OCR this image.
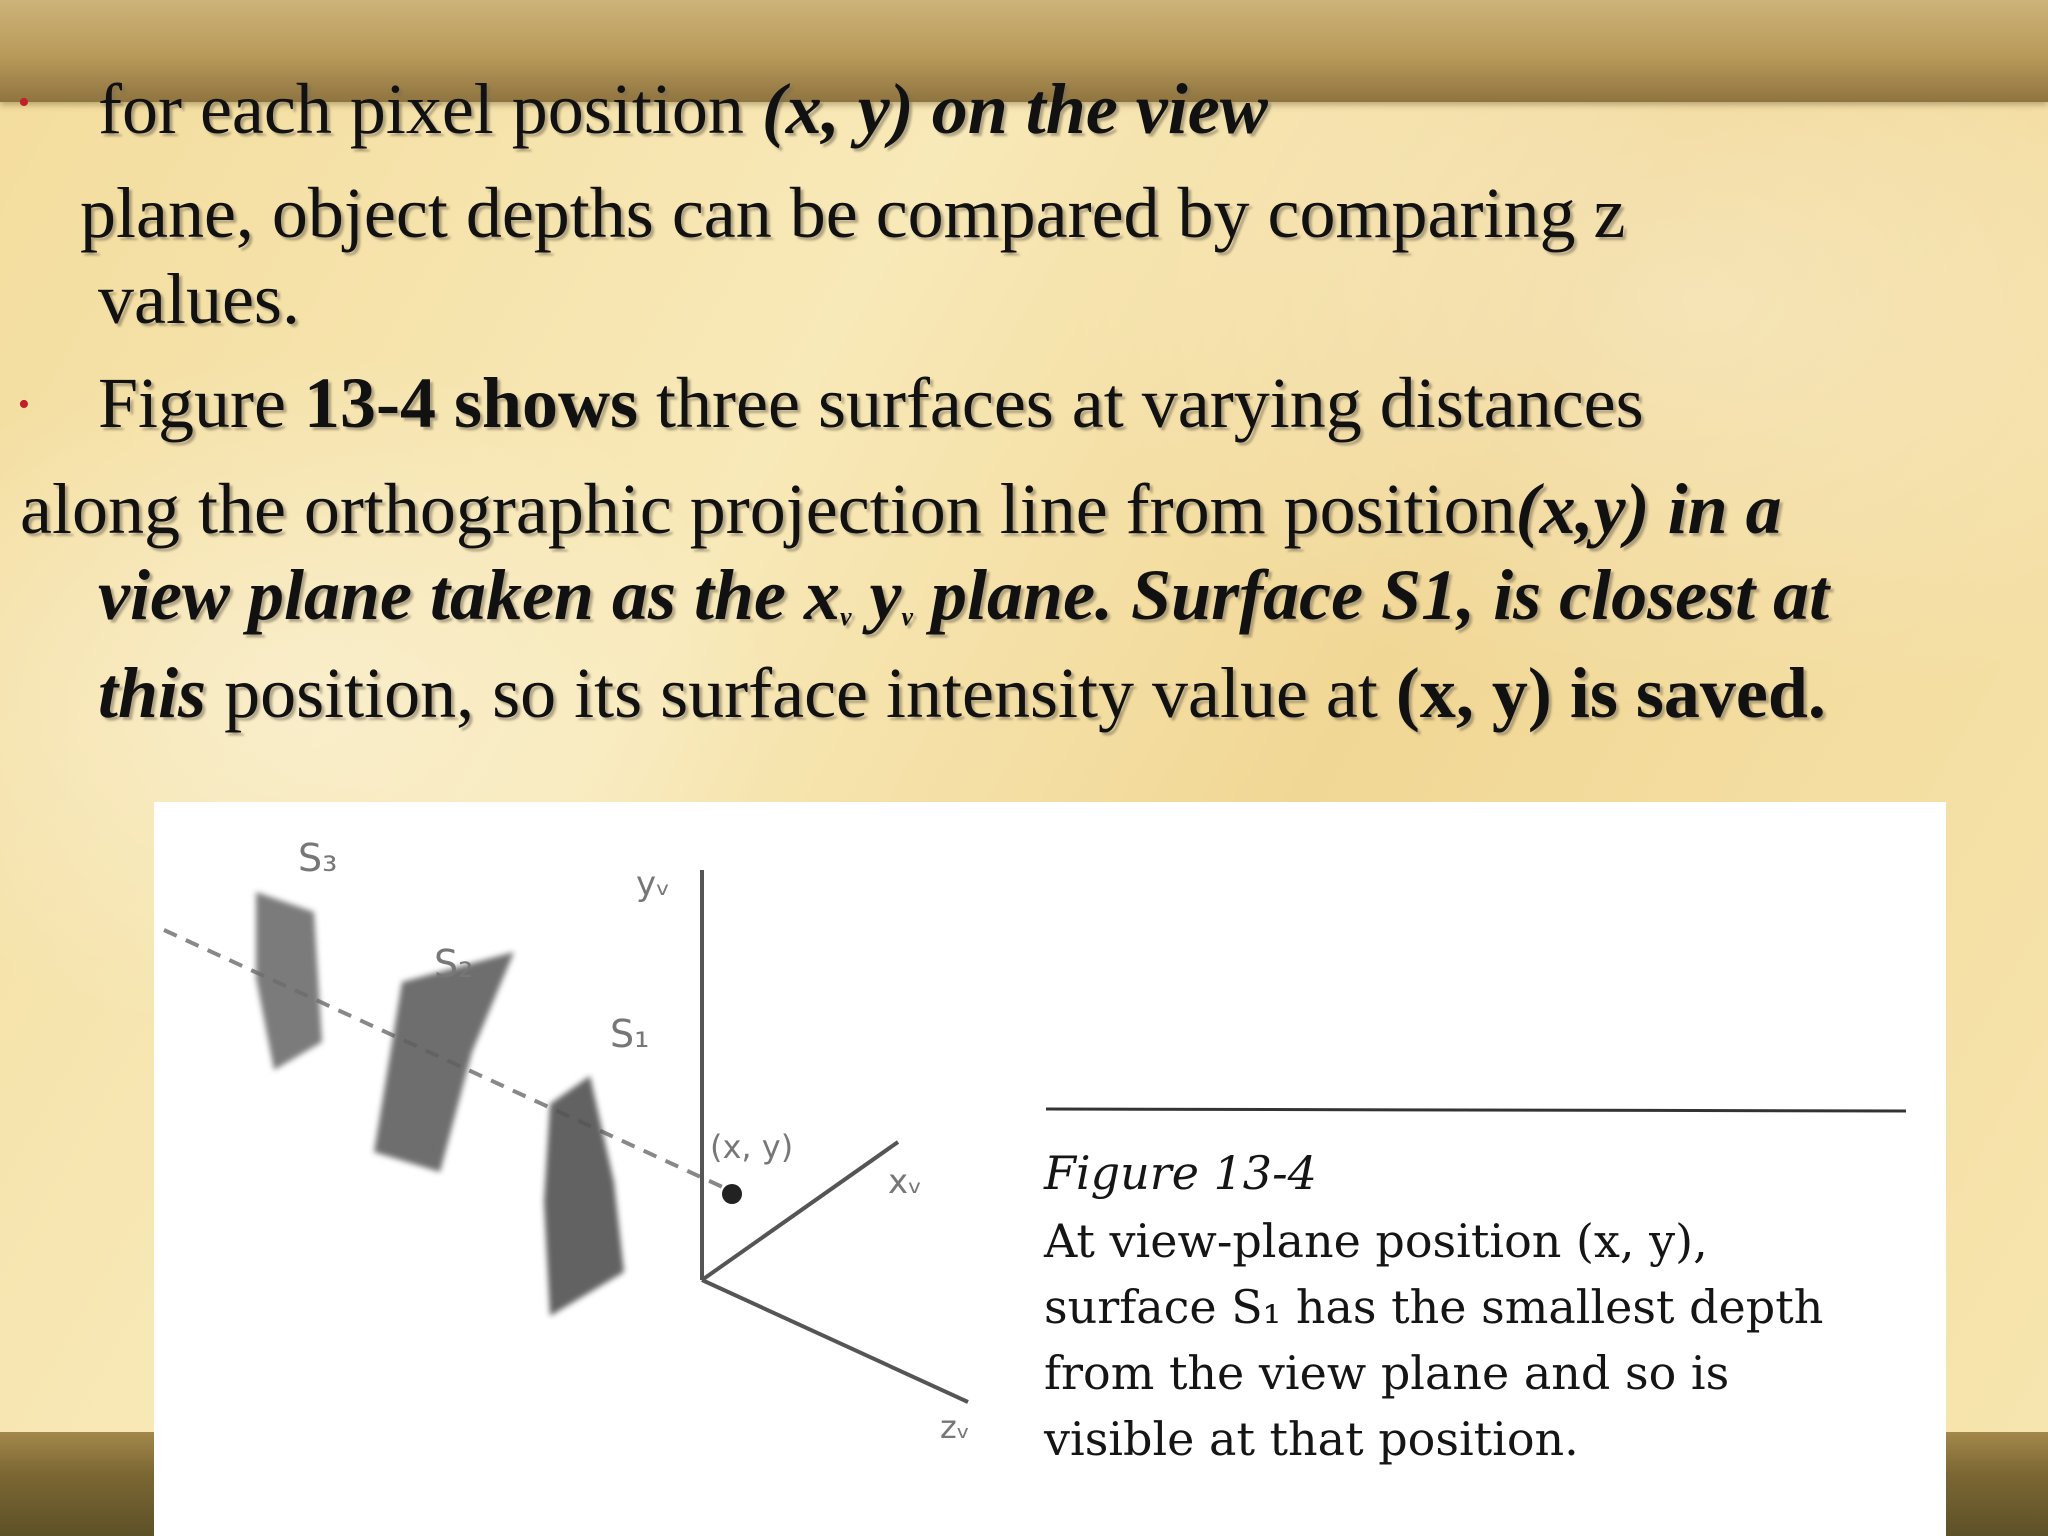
• for each pixel position (x, y) on the view
plane, object depths can be compared by comparing z
values.
• Figure 13-4 shows three surfaces at varying distances
along the orthographic projection line from position(x,y) in a
view plane taken as the $x_v$ $y_v$ plane. Surface S1, is closest at
this position, so its surface intensity value at (x, y) is saved.
S₃
S₂
S₁
yᵥ
xᵥ
zᵥ
(x, y)	Figure 13-4
At view-plane position (x, y),
surface S₁ has the smallest depth
from the view plane and so is
visible at that position.
